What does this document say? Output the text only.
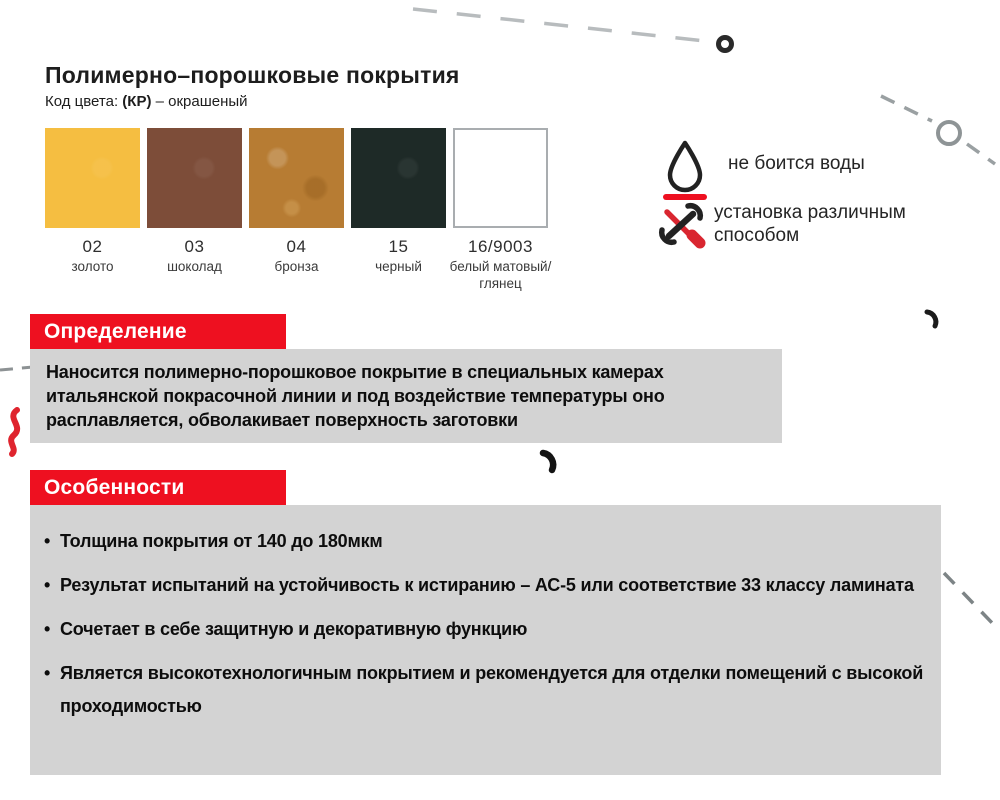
Полимерно–порошковые покрытия
Код цвета: (КР) – окрашеный
02
золото
03
шоколад
04
бронза
15
черный
16/9003
белый матовый/глянец
не боится воды
установка различным способом
Определение
Наносится полимерно-порошковое покрытие в специальных камерах итальянской покрасочной линии и под воздействие температуры оно расплавляется, обволакивает поверхность заготовки
Особенности
• Толщина покрытия от 140 до 180мкм
• Результат испытаний на устойчивость к истиранию – АС-5 или соответствие 33 классу ламината
• Сочетает в себе защитную и декоративную функцию
• Является высокотехнологичным покрытием и рекомендуется для отделки помещений с высокой проходимостью
